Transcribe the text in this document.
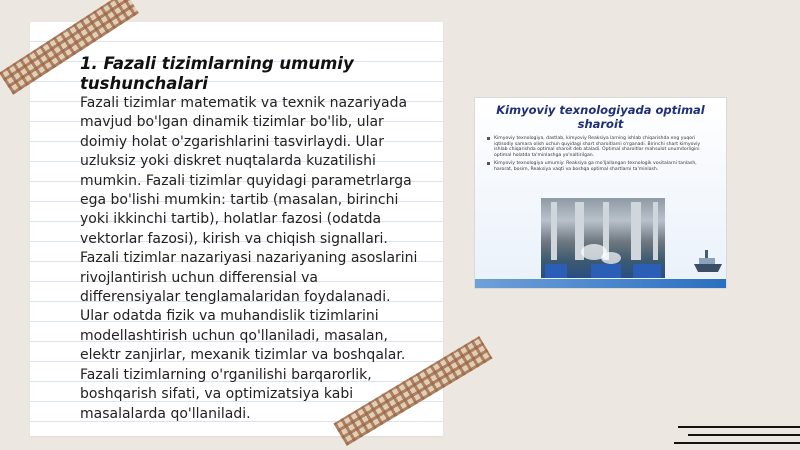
1. Fazali tizimlarning umumiy tushunchalari

Fazali tizimlar matematik va texnik nazariyada mavjud bo'lgan dinamik tizimlar bo'lib, ular doimiy holat o'zgarishlarini tasvirlaydi. Ular uzluksiz yoki diskret nuqtalarda kuzatilishi mumkin. Fazali tizimlar quyidagi parametrlarga ega bo'lishi mumkin: tartib (masalan, birinchi yoki ikkinchi tartib), holatlar fazosi (odatda vektorlar fazosi), kirish va chiqish signallari. Fazali tizimlar nazariyasi nazariyaning asoslarini rivojlantirish uchun differensial va differensiyalar tenglamalaridan foydalanadi. Ular odatda fizik va muhandislik tizimlarini modellashtirish uchun qo'llaniladi, masalan, elektr zanjirlar, mexanik tizimlar va boshqalar. Fazali tizimlarning o'rganilishi barqarorlik, boshqarish sifati, va optimizatsiya kabi masalalarda qo'llaniladi.

Kimyoviy texnologiyada optimal sharoit
Kimyoviy texnologiya, dastlab, kimyoviy Reaksiya larning ishlab chiqarishda eng yuqori iqtisodiy samara olish uchun quyidagi shart sharoitlarni o'rganadi. Birinchi shart kimyoviy ishlab chiqarishda optimal sharoit deb ataladi. Optimal sharoitlar mahsulot unumdorligini optimal holatda ta'minlashga yo'naltirilgan.
Kimyoviy texnologiya umumiy: Reaksiya ga mo'ljallangan texnologik vositalarni tanlash, harorat, bosim, Reaksiya vaqti va boshqa optimal shartlarni ta'minlash.
